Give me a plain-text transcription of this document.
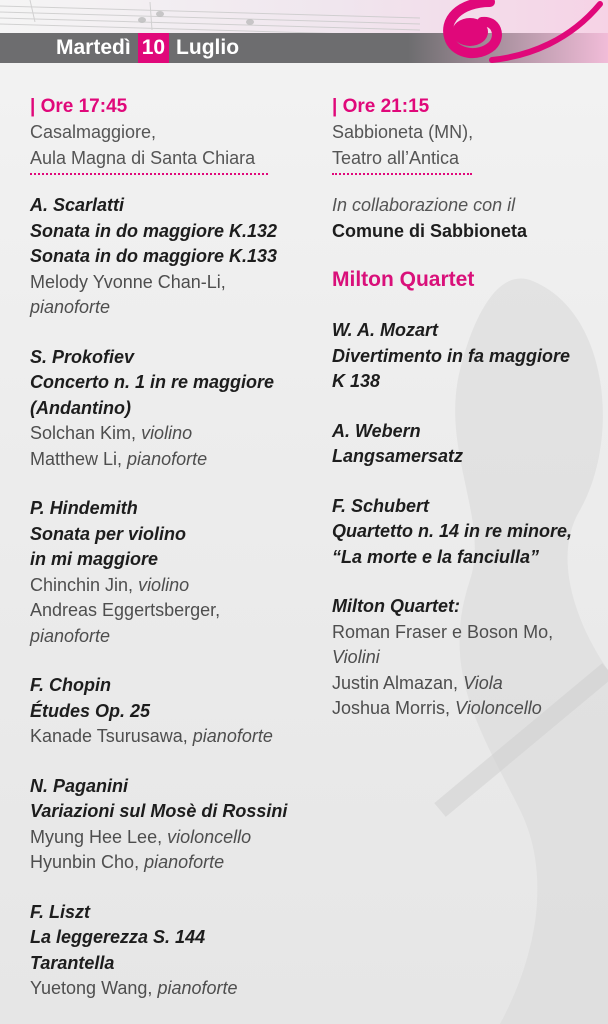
Martedì 10 Luglio
| Ore 17:45
Casalmaggiore,
Aula Magna di Santa Chiara
A. Scarlatti
Sonata in do maggiore K.132
Sonata in do maggiore K.133
Melody Yvonne Chan-Li,
pianoforte
S. Prokofiev
Concerto n. 1 in re maggiore
(Andantino)
Solchan Kim, violino
Matthew Li, pianoforte
P. Hindemith
Sonata per violino
in mi maggiore
Chinchin Jin, violino
Andreas Eggertsberger,
pianoforte
F. Chopin
Études Op. 25
Kanade Tsurusawa, pianoforte
N. Paganini
Variazioni sul Mosè di Rossini
Myung Hee Lee, violoncello
Hyunbin Cho, pianoforte
F. Liszt
La leggerezza S. 144
Tarantella
Yuetong Wang, pianoforte
| Ore 21:15
Sabbioneta (MN),
Teatro all’Antica
In collaborazione con il
Comune di Sabbioneta
Milton Quartet
W. A. Mozart
Divertimento in fa maggiore
K 138
A. Webern
Langsamersatz
F. Schubert
Quartetto n. 14 in re minore,
“La morte e la fanciulla”
Milton Quartet:
Roman Fraser e Boson Mo,
Violini
Justin Almazan, Viola
Joshua Morris, Violoncello
